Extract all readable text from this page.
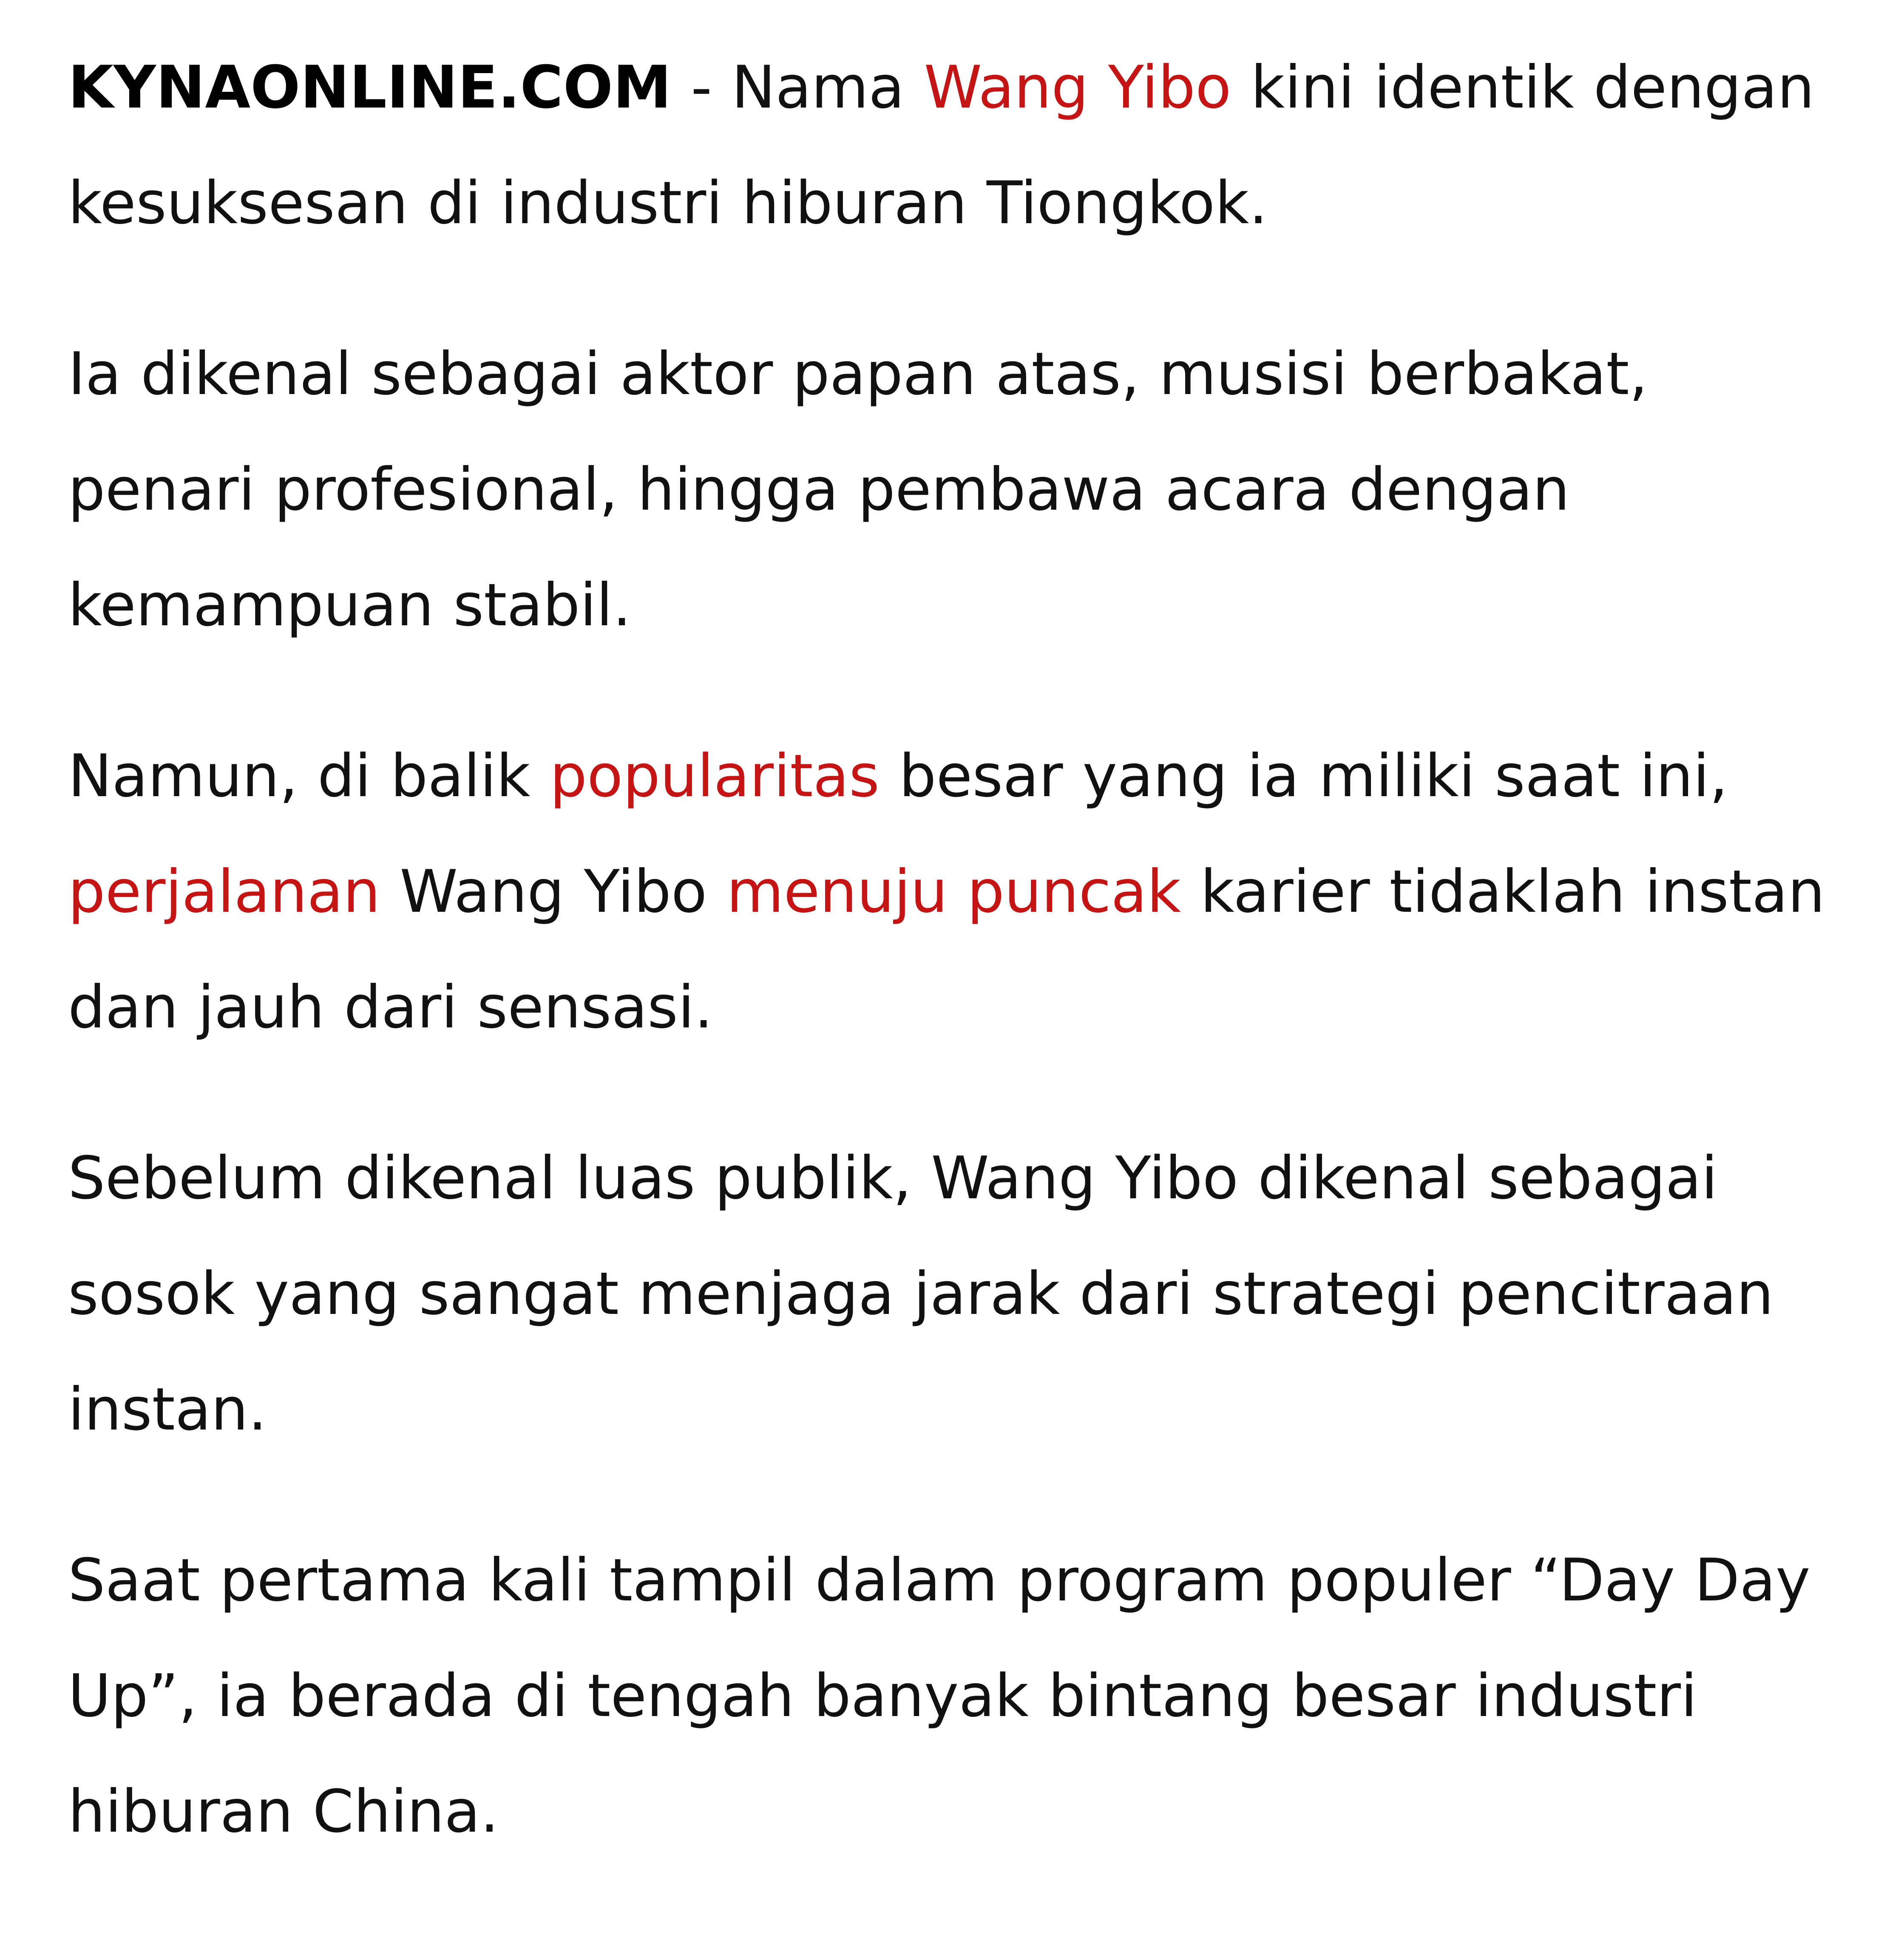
KYNAONLINE.COM - Nama Wang Yibo kini identik dengan kesuksesan di industri hiburan Tiongkok.

Ia dikenal sebagai aktor papan atas, musisi berbakat, penari profesional, hingga pembawa acara dengan kemampuan stabil.

Namun, di balik popularitas besar yang ia miliki saat ini, perjalanan Wang Yibo menuju puncak karier tidaklah instan dan jauh dari sensasi.

Sebelum dikenal luas publik, Wang Yibo dikenal sebagai sosok yang sangat menjaga jarak dari strategi pencitraan instan.

Saat pertama kali tampil dalam program populer “Day Day Up”, ia berada di tengah banyak bintang besar industri hiburan China.
